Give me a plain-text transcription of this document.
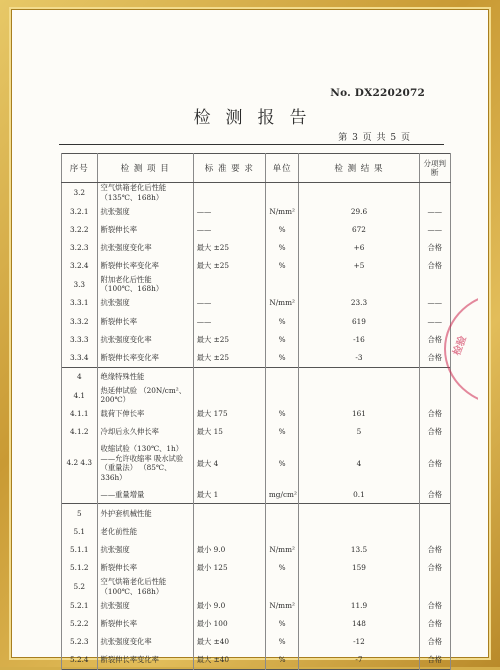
No. DX2202072
检测报告
第 3 页 共 5 页
序号	检 测 项 目	标 准 要 求	单位	检 测 结 果	分项判断
3.2	空气烘箱老化后性能 （135℃、168h）				
3.2.1	抗张强度	——	N/mm²	29.6	——
3.2.2	断裂伸长率	——	%	672	——
3.2.3	抗张强度变化率	最大 ±25	%	+6	合格
3.2.4	断裂伸长率变化率	最大 ±25	%	+5	合格
3.3	附加老化后性能 （100℃、168h）				
3.3.1	抗张强度	——	N/mm²	23.3	——
3.3.2	断裂伸长率	——	%	619	——
3.3.3	抗张强度变化率	最大 ±25	%	-16	合格
3.3.4	断裂伸长率变化率	最大 ±25	%	-3	合格
4	绝缘特殊性能				
4.1	热延伸试验 （20N/cm²、200℃）				
4.1.1	载荷下伸长率	最大 175	%	161	合格
4.1.2	冷却后永久伸长率	最大 15	%	5	合格
4.2 4.3	收缩试验（130℃、1h） ——允许收缩率 吸水试验（重量法） （85℃、336h）	最大 4	%	4	合格
	——重量增量	最大 1	mg/cm²	0.1	合格
5	外护套机械性能				
5.1	老化前性能				
5.1.1	抗张强度	最小 9.0	N/mm²	13.5	合格
5.1.2	断裂伸长率	最小 125	%	159	合格
5.2	空气烘箱老化后性能 （100℃、168h）				
5.2.1	抗张强度	最小 9.0	N/mm²	11.9	合格
5.2.2	断裂伸长率	最小 100	%	148	合格
5.2.3	抗张强度变化率	最大 ±40	%	-12	合格
5.2.4	断裂伸长率变化率	最大 ±40	%	-7	合格
检验
